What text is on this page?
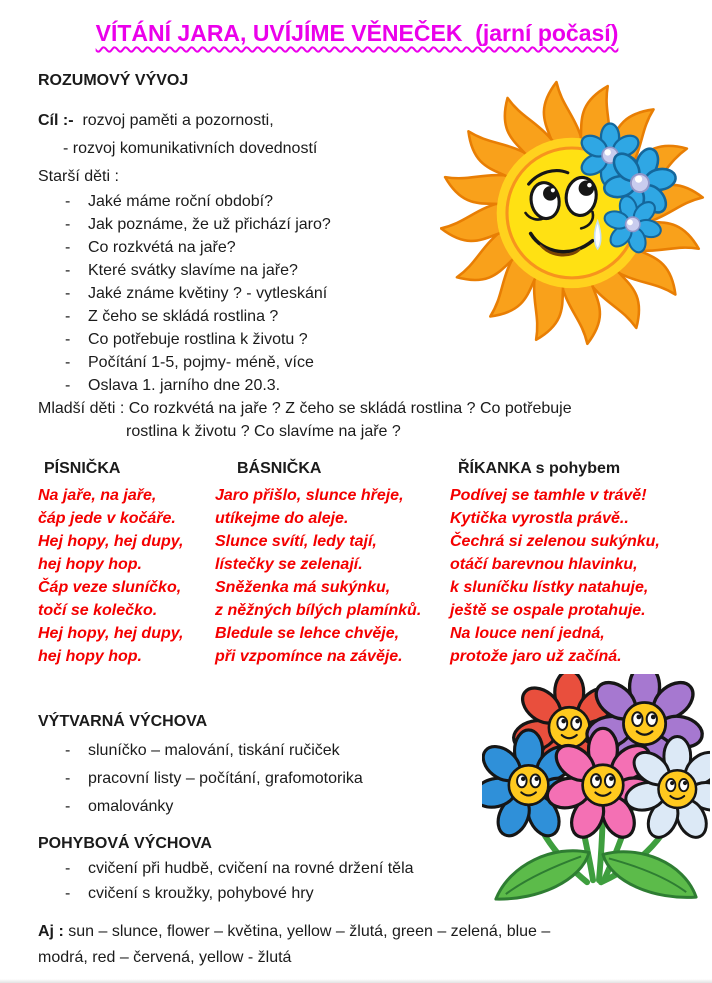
VÍTÁNÍ JARA, UVÍJÍME VĚNEČEK  (jarní počasí)
ROZUMOVÝ VÝVOJ
Cíl :- rozvoj paměti a pozornosti,
- rozvoj komunikativních dovedností
Starší děti :
-	Jaké máme roční období?
-	Jak poznáme, že už přichází jaro?
-	Co rozkvétá na jaře?
-	Které svátky slavíme na jaře?
-	Jaké známe květiny ? - vytleskání
-	Z čeho se skládá rostlina ?
-	Co potřebuje rostlina k životu ?
-	Počítání 1-5, pojmy- méně, více
-	Oslava 1. jarního dne 20.3.
Mladší děti : Co rozkvétá na jaře ? Z čeho se skládá rostlina ? Co potřebuje
rostlina k životu ? Co slavíme na jaře ?
PÍSNIČKA
Na jaře, na jaře,
čáp jede v kočáře.
Hej hopy, hej dupy,
hej hopy hop.
Čáp veze sluníčko,
točí se kolečko.
Hej hopy, hej dupy,
hej hopy hop.
BÁSNIČKA
Jaro přišlo, slunce hřeje,
utíkejme do aleje.
Slunce svítí, ledy tají,
lístečky se zelenají.
Sněženka má sukýnku,
z něžných bílých plamínků.
Bledule se lehce chvěje,
při vzpomínce na závěje.
ŘÍKANKA s pohybem
Podívej se tamhle v trávě!
Kytička vyrostla právě..
Čechrá si zelenou sukýnku,
otáčí barevnou hlavinku,
k sluníčku lístky natahuje,
ještě se ospale protahuje.
Na louce není jedná,
protože jaro už začíná.
VÝTVARNÁ VÝCHOVA
-	sluníčko – malování, tiskání ručiček
-	pracovní listy – počítání, grafomotorika
-	omalovánky
POHYBOVÁ VÝCHOVA
-	cvičení při hudbě, cvičení na rovné držení těla
-	cvičení s kroužky, pohybové hry
Aj : sun – slunce, flower – květina, yellow – žlutá, green – zelená, blue –
modrá, red – červená, yellow - žlutá
